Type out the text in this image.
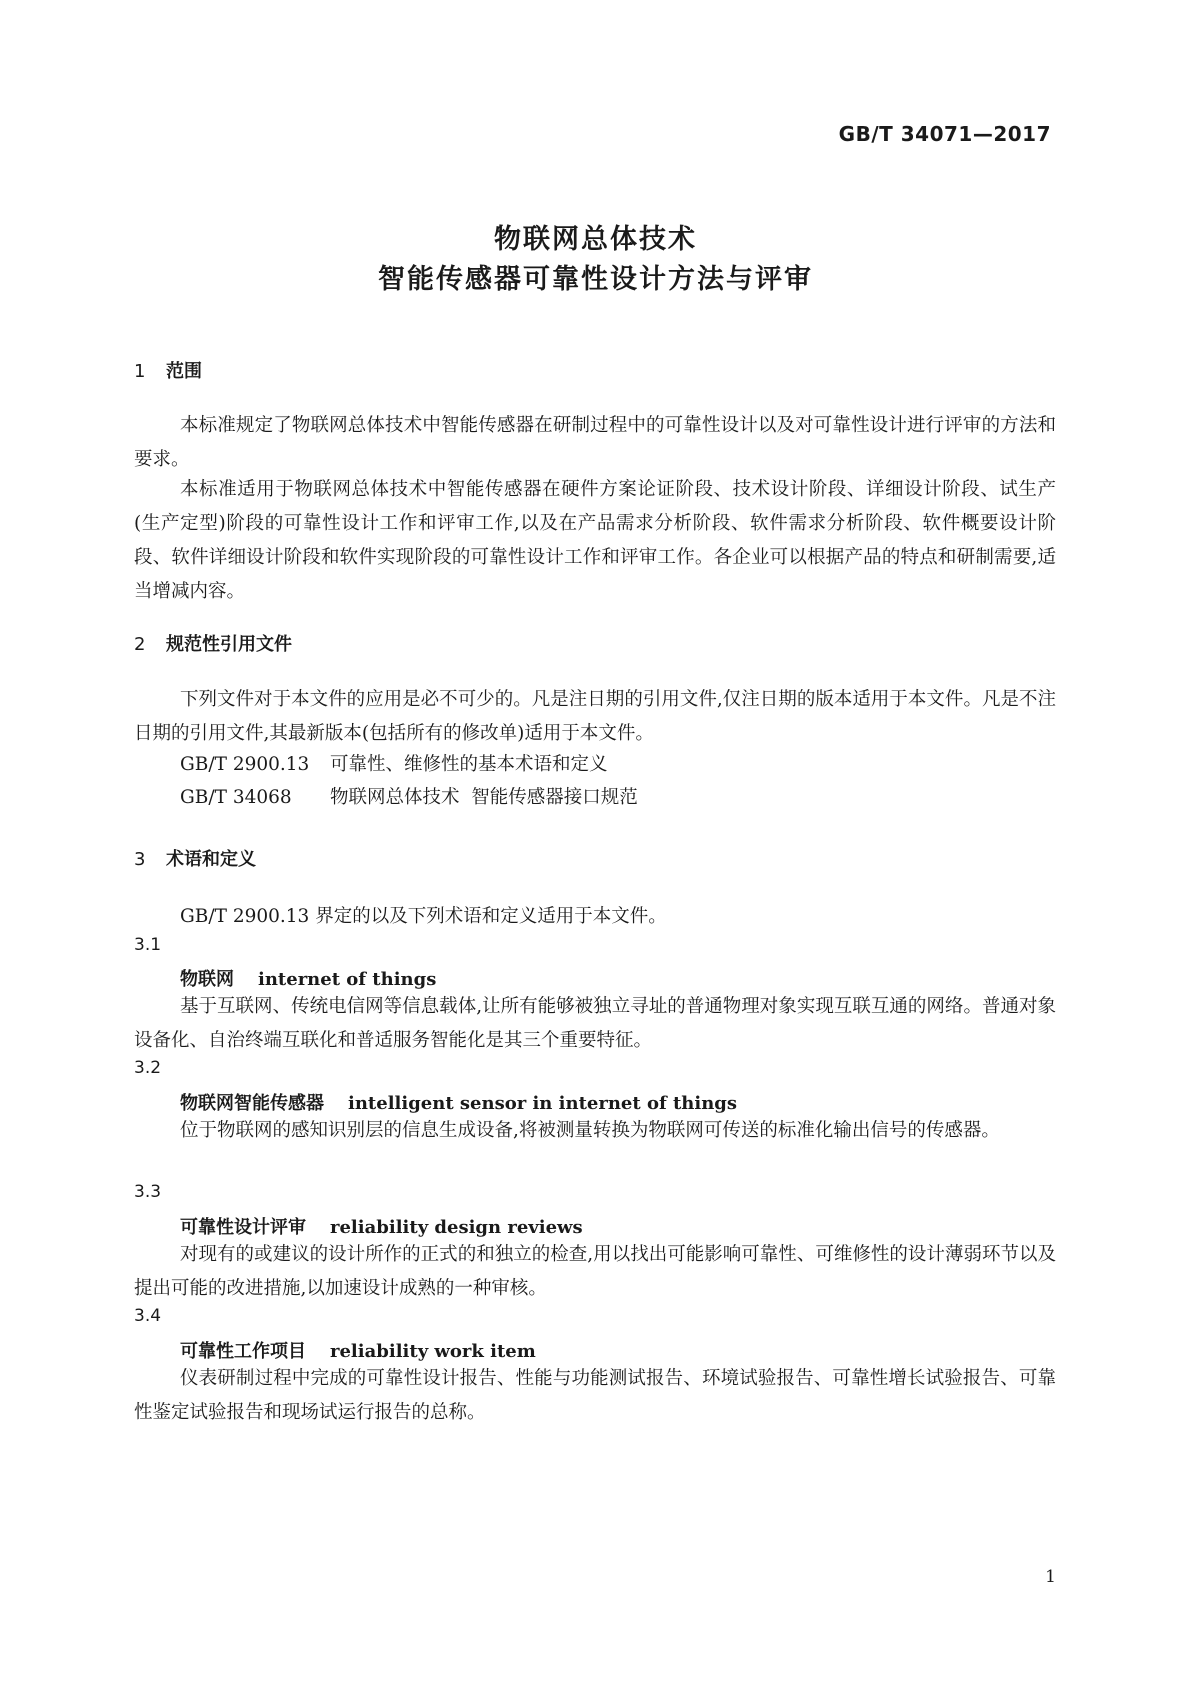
GB/T 34071—2017
物联网总体技术
智能传感器可靠性设计方法与评审
1 范围
本标准规定了物联网总体技术中智能传感器在研制过程中的可靠性设计以及对可靠性设计进行评审的方法和要求。
本标准适用于物联网总体技术中智能传感器在硬件方案论证阶段、技术设计阶段、详细设计阶段、试生产(生产定型)阶段的可靠性设计工作和评审工作,以及在产品需求分析阶段、软件需求分析阶段、软件概要设计阶段、软件详细设计阶段和软件实现阶段的可靠性设计工作和评审工作。各企业可以根据产品的特点和研制需要,适当增减内容。
2 规范性引用文件
下列文件对于本文件的应用是必不可少的。凡是注日期的引用文件,仅注日期的版本适用于本文件。凡是不注日期的引用文件,其最新版本(包括所有的修改单)适用于本文件。
GB/T 2900.13 可靠性、维修性的基本术语和定义
GB/T 34068 物联网总体技术  智能传感器接口规范
3 术语和定义
GB/T 2900.13 界定的以及下列术语和定义适用于本文件。
3.1
物联网 internet of things
基于互联网、传统电信网等信息载体,让所有能够被独立寻址的普通物理对象实现互联互通的网络。普通对象设备化、自治终端互联化和普适服务智能化是其三个重要特征。
3.2
物联网智能传感器 intelligent sensor in internet of things
位于物联网的感知识别层的信息生成设备,将被测量转换为物联网可传送的标准化输出信号的传感器。
3.3
可靠性设计评审 reliability design reviews
对现有的或建议的设计所作的正式的和独立的检查,用以找出可能影响可靠性、可维修性的设计薄弱环节以及提出可能的改进措施,以加速设计成熟的一种审核。
3.4
可靠性工作项目 reliability work item
仪表研制过程中完成的可靠性设计报告、性能与功能测试报告、环境试验报告、可靠性增长试验报告、可靠性鉴定试验报告和现场试运行报告的总称。
1
